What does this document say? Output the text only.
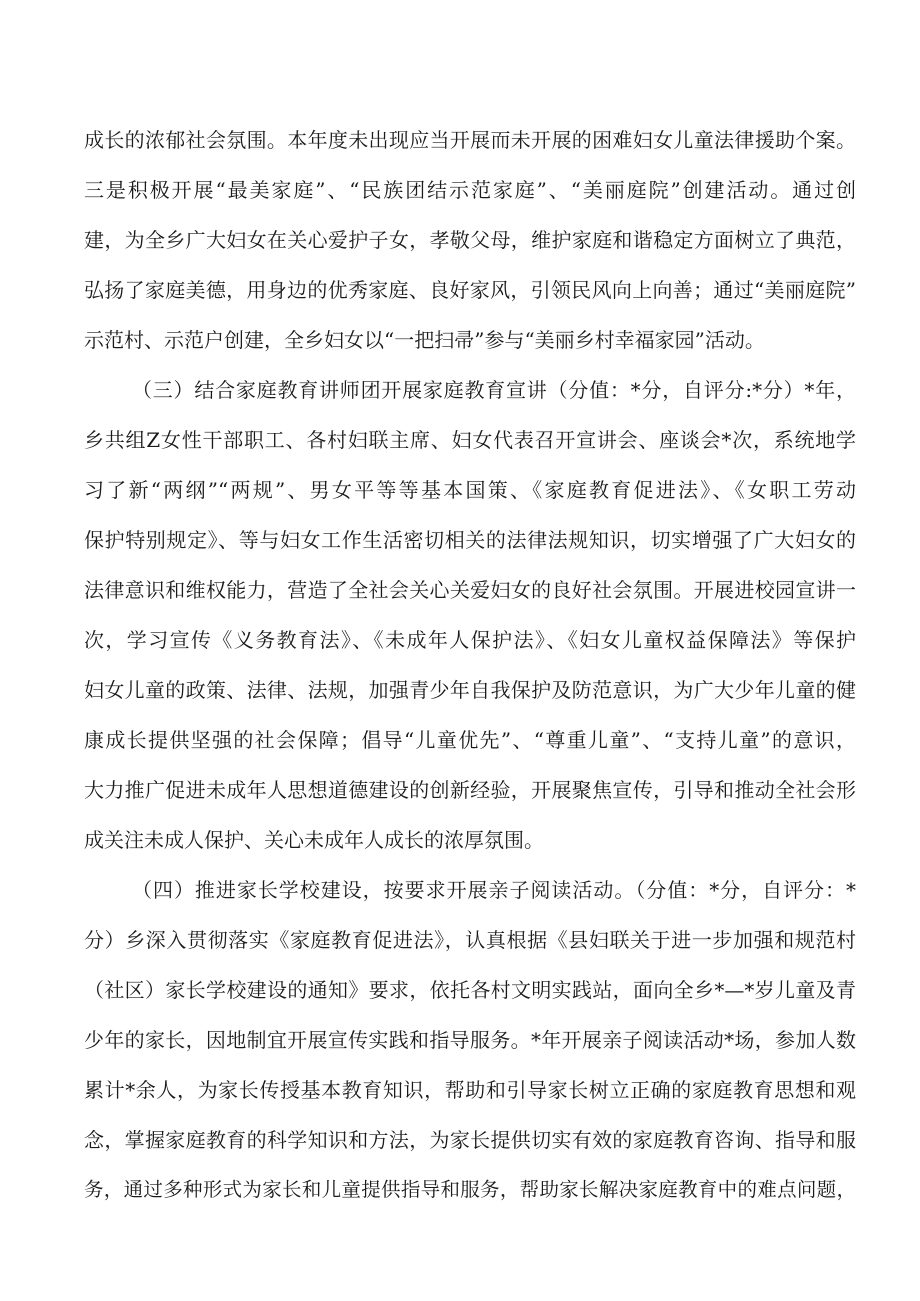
成长的浓郁社会氛围。本年度未出现应当开展而未开展的困难妇女儿童法律援助个案。
三是积极开展“最美家庭”、“民族团结示范家庭”、“美丽庭院”创建活动。通过创
建，为全乡广大妇女在关心爱护子女，孝敬父母，维护家庭和谐稳定方面树立了典范，
弘扬了家庭美德，用身边的优秀家庭、良好家风，引领民风向上向善；通过“美丽庭院”
示范村、示范户创建，全乡妇女以“一把扫帚”参与“美丽乡村幸福家园”活动。
（三）结合家庭教育讲师团开展家庭教育宣讲（分值：*分，自评分:*分）*年，
乡共组Z女性干部职工、各村妇联主席、妇女代表召开宣讲会、座谈会*次，系统地学
习了新“两纲”“两规”、男女平等等基本国策、《家庭教育促进法》、《女职工劳动
保护特别规定》、等与妇女工作生活密切相关的法律法规知识，切实增强了广大妇女的
法律意识和维权能力，营造了全社会关心关爱妇女的良好社会氛围。开展进校园宣讲一
次，学习宣传《义务教育法》、《未成年人保护法》、《妇女儿童权益保障法》等保护
妇女儿童的政策、法律、法规，加强青少年自我保护及防范意识，为广大少年儿童的健
康成长提供坚强的社会保障；倡导“儿童优先”、“尊重儿童”、“支持儿童”的意识，
大力推广促进未成年人思想道德建设的创新经验，开展聚焦宣传，引导和推动全社会形
成关注未成人保护、关心未成年人成长的浓厚氛围。
（四）推进家长学校建设，按要求开展亲子阅读活动。（分值：*分，自评分：*
分）乡深入贯彻落实《家庭教育促进法》，认真根据《县妇联关于进一步加强和规范村
（社区）家长学校建设的通知》要求，依托各村文明实践站，面向全乡*—*岁儿童及青
少年的家长，因地制宜开展宣传实践和指导服务。*年开展亲子阅读活动*场，参加人数
累计*余人，为家长传授基本教育知识，帮助和引导家长树立正确的家庭教育思想和观
念，掌握家庭教育的科学知识和方法，为家长提供切实有效的家庭教育咨询、指导和服
务，通过多种形式为家长和儿童提供指导和服务，帮助家长解决家庭教育中的难点问题，
